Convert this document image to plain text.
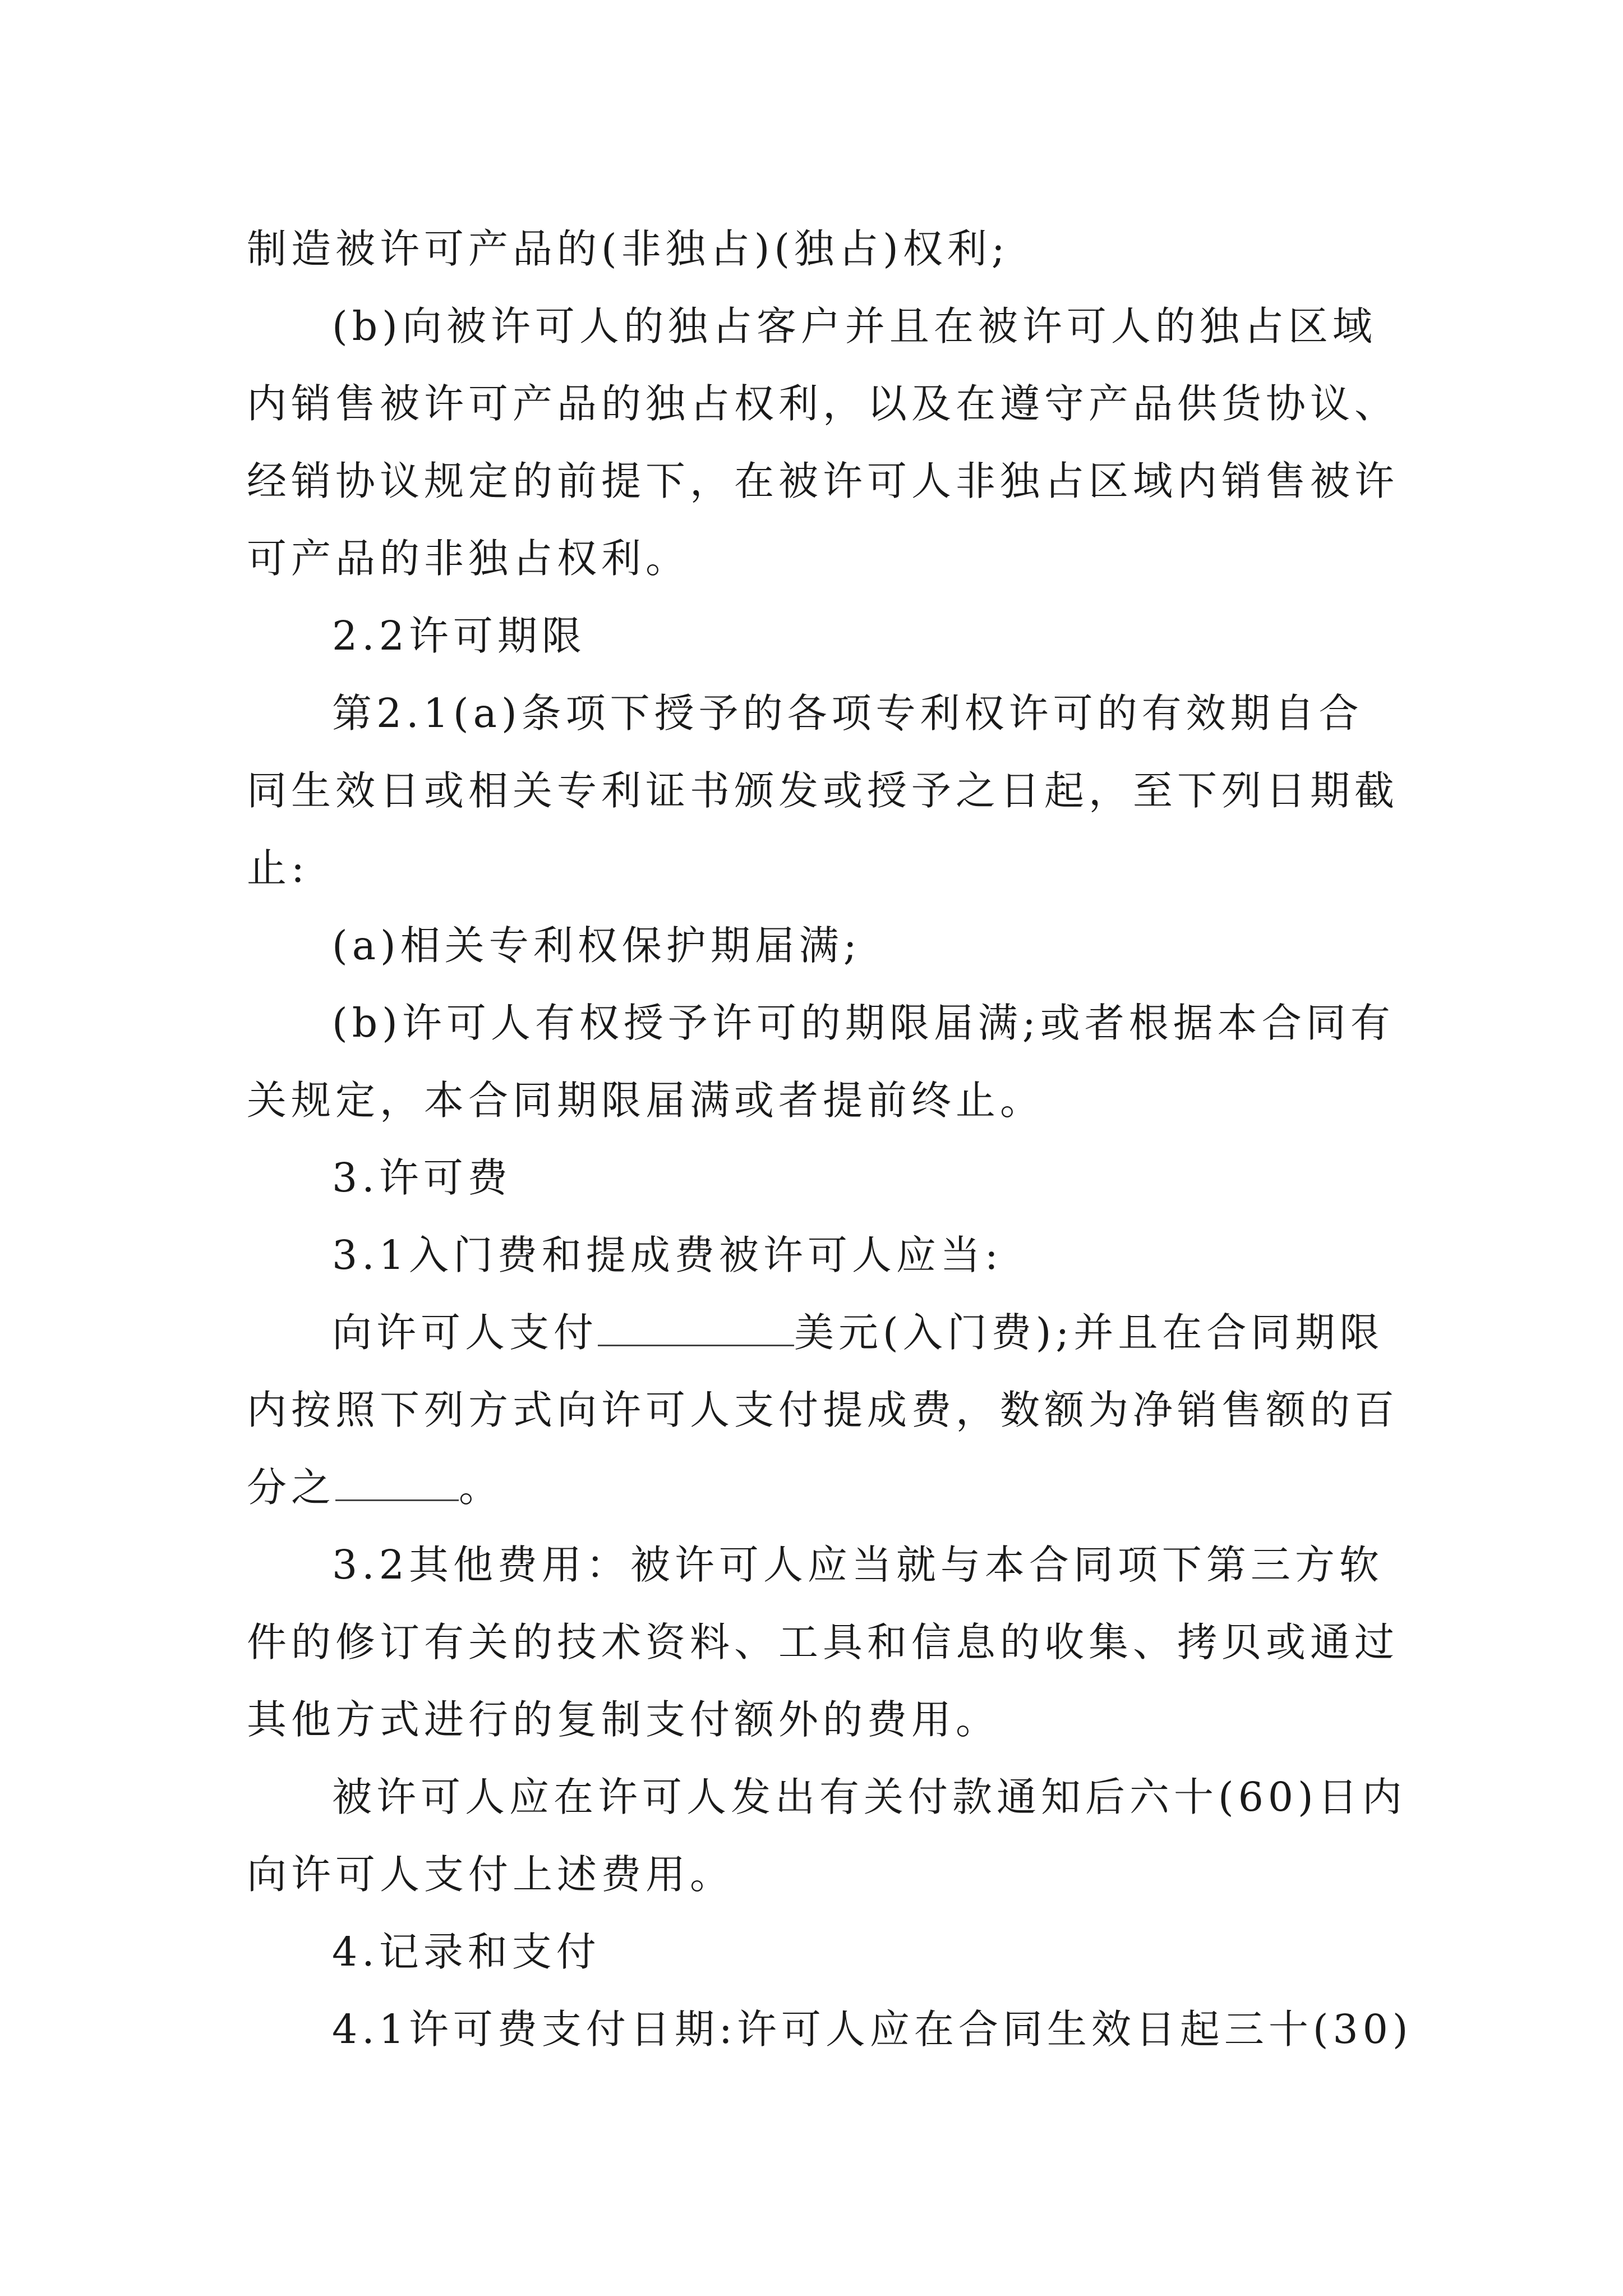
制造被许可产品的(非独占)(独占)权利;

(b)向被许可人的独占客户并且在被许可人的独占区域

内销售被许可产品的独占权利，以及在遵守产品供货协议、

经销协议规定的前提下，在被许可人非独占区域内销售被许

可产品的非独占权利。

2.2许可期限

第2.1(a)条项下授予的各项专利权许可的有效期自合

同生效日或相关专利证书颁发或授予之日起，至下列日期截

止:

(a)相关专利权保护期届满;

(b)许可人有权授予许可的期限届满;或者根据本合同有

关规定，本合同期限届满或者提前终止。

3.许可费

3.1入门费和提成费被许可人应当:

向许可人支付	美元(入门费);并且在合同期限

内按照下列方式向许可人支付提成费，数额为净销售额的百

分之	。

3.2其他费用：被许可人应当就与本合同项下第三方软

件的修订有关的技术资料、工具和信息的收集、拷贝或通过

其他方式进行的复制支付额外的费用。

被许可人应在许可人发出有关付款通知后六十(60)日内

向许可人支付上述费用。

4.记录和支付

4.1许可费支付日期:许可人应在合同生效日起三十(30)
